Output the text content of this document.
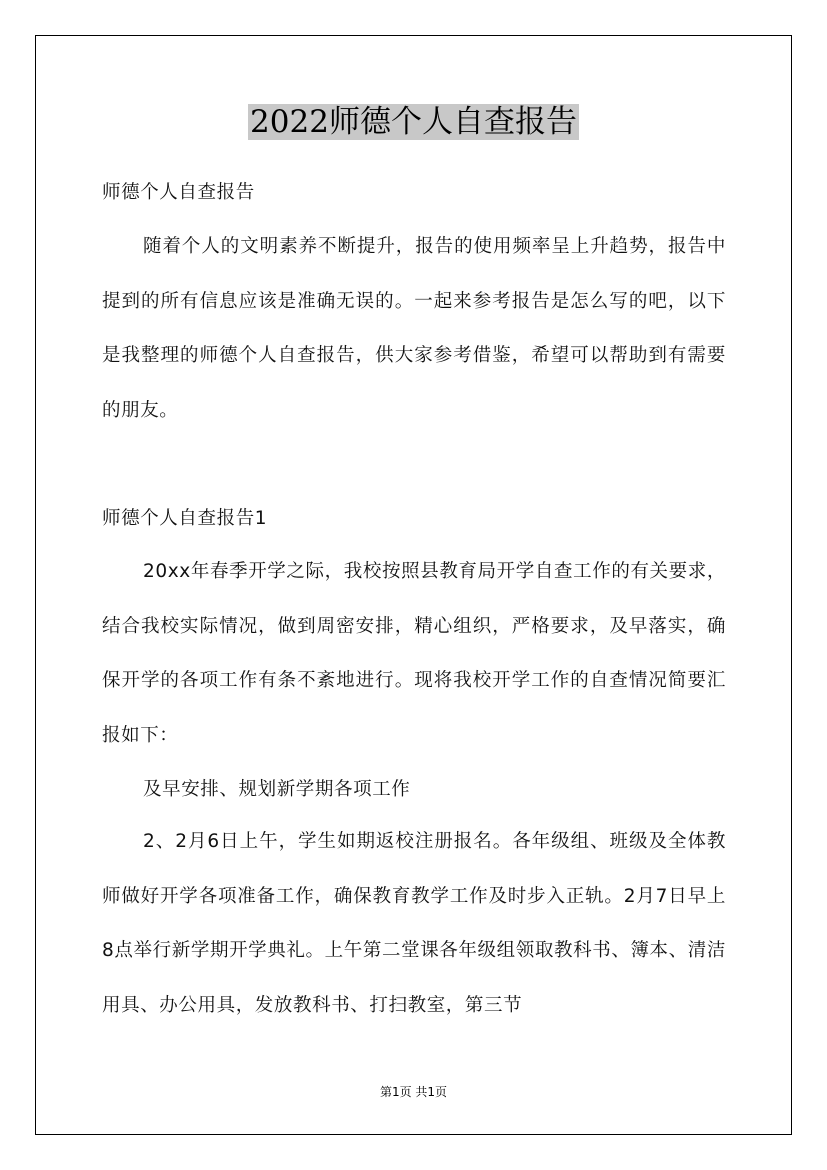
2022师德个人自查报告
师德个人自查报告
随着个人的文明素养不断提升，报告的使用频率呈上升趋势，报告中提到的所有信息应该是准确无误的。一起来参考报告是怎么写的吧，以下是我整理的师德个人自查报告，供大家参考借鉴，希望可以帮助到有需要的朋友。
师德个人自查报告1
20xx年春季开学之际，我校按照县教育局开学自查工作的有关要求，结合我校实际情况，做到周密安排，精心组织，严格要求，及早落实，确保开学的各项工作有条不紊地进行。现将我校开学工作的自查情况简要汇报如下：
及早安排、规划新学期各项工作
2、2月6日上午，学生如期返校注册报名。各年级组、班级及全体教师做好开学各项准备工作，确保教育教学工作及时步入正轨。2月7日早上8点举行新学期开学典礼。上午第二堂课各年级组领取教科书、簿本、清洁用具、办公用具，发放教科书、打扫教室，第三节
第1页 共1页
